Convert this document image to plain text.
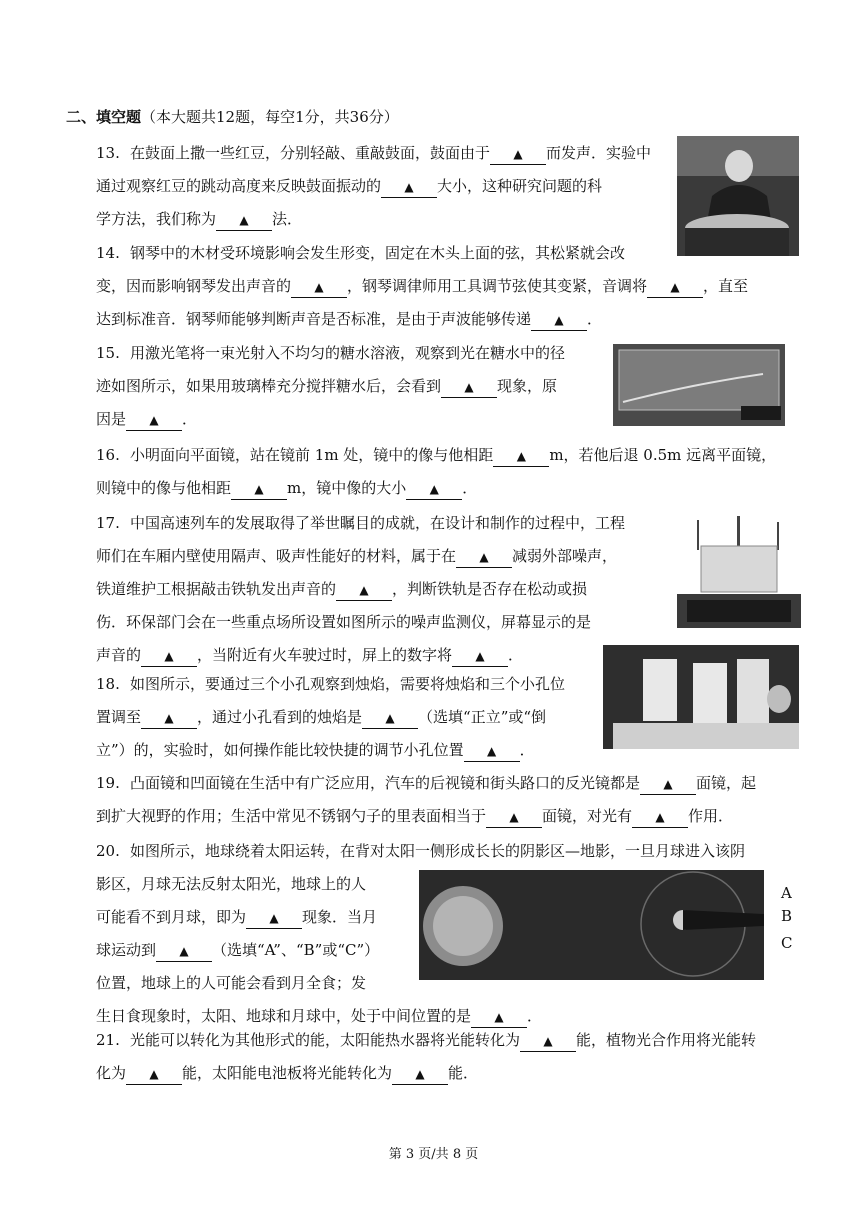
二、填空题（本大题共12题，每空1分，共36分）
13. 在鼓面上撒一些红豆，分别轻敲、重敲鼓面，鼓面由于 ▲ 而发声．实验中
通过观察红豆的跳动高度来反映鼓面振动的 ▲ 大小，这种研究问题的科
学方法，我们称为 ▲ 法．
14. 钢琴中的木材受环境影响会发生形变，固定在木头上面的弦，其松紧就会改
变，因而影响钢琴发出声音的 ▲ ，钢琴调律师用工具调节弦使其变紧，音调将 ▲ ，直至
达到标准音．钢琴师能够判断声音是否标准，是由于声波能够传递 ▲ ．
15. 用激光笔将一束光射入不均匀的糖水溶液，观察到光在糖水中的径
迹如图所示，如果用玻璃棒充分搅拌糖水后，会看到 ▲ 现象，原
因是 ▲ ．
16. 小明面向平面镜，站在镜前 1m 处，镜中的像与他相距 ▲ m，若他后退 0.5m 远离平面镜，
则镜中的像与他相距 ▲ m，镜中像的大小 ▲ ．
17. 中国高速列车的发展取得了举世瞩目的成就，在设计和制作的过程中，工程
师们在车厢内壁使用隔声、吸声性能好的材料，属于在 ▲ 减弱外部噪声，
铁道维护工根据敲击铁轨发出声音的 ▲ ，判断铁轨是否存在松动或损
伤．环保部门会在一些重点场所设置如图所示的噪声监测仪，屏幕显示的是
声音的 ▲ ，当附近有火车驶过时，屏上的数字将 ▲ ．
18. 如图所示，要通过三个小孔观察到烛焰，需要将烛焰和三个小孔位
置调至 ▲ ，通过小孔看到的烛焰是 ▲ （选填“正立”或“倒
立”）的，实验时，如何操作能比较快捷的调节小孔位置 ▲ ．
19. 凸面镜和凹面镜在生活中有广泛应用，汽车的后视镜和街头路口的反光镜都是 ▲ 面镜，起
到扩大视野的作用；生活中常见不锈钢勺子的里表面相当于 ▲ 面镜，对光有 ▲ 作用．
20. 如图所示，地球绕着太阳运转，在背对太阳一侧形成长长的阴影区—地影，一旦月球进入该阴
影区，月球无法反射太阳光，地球上的人
可能看不到月球，即为 ▲ 现象．当月
球运动到 ▲ （选填“A”、“B”或“C”）
位置，地球上的人可能会看到月全食；发
生日食现象时，太阳、地球和月球中，处于中间位置的是 ▲ ．
A
B
C
21. 光能可以转化为其他形式的能，太阳能热水器将光能转化为 ▲ 能，植物光合作用将光能转
化为 ▲ 能，太阳能电池板将光能转化为 ▲ 能．
第 3 页/共 8 页
